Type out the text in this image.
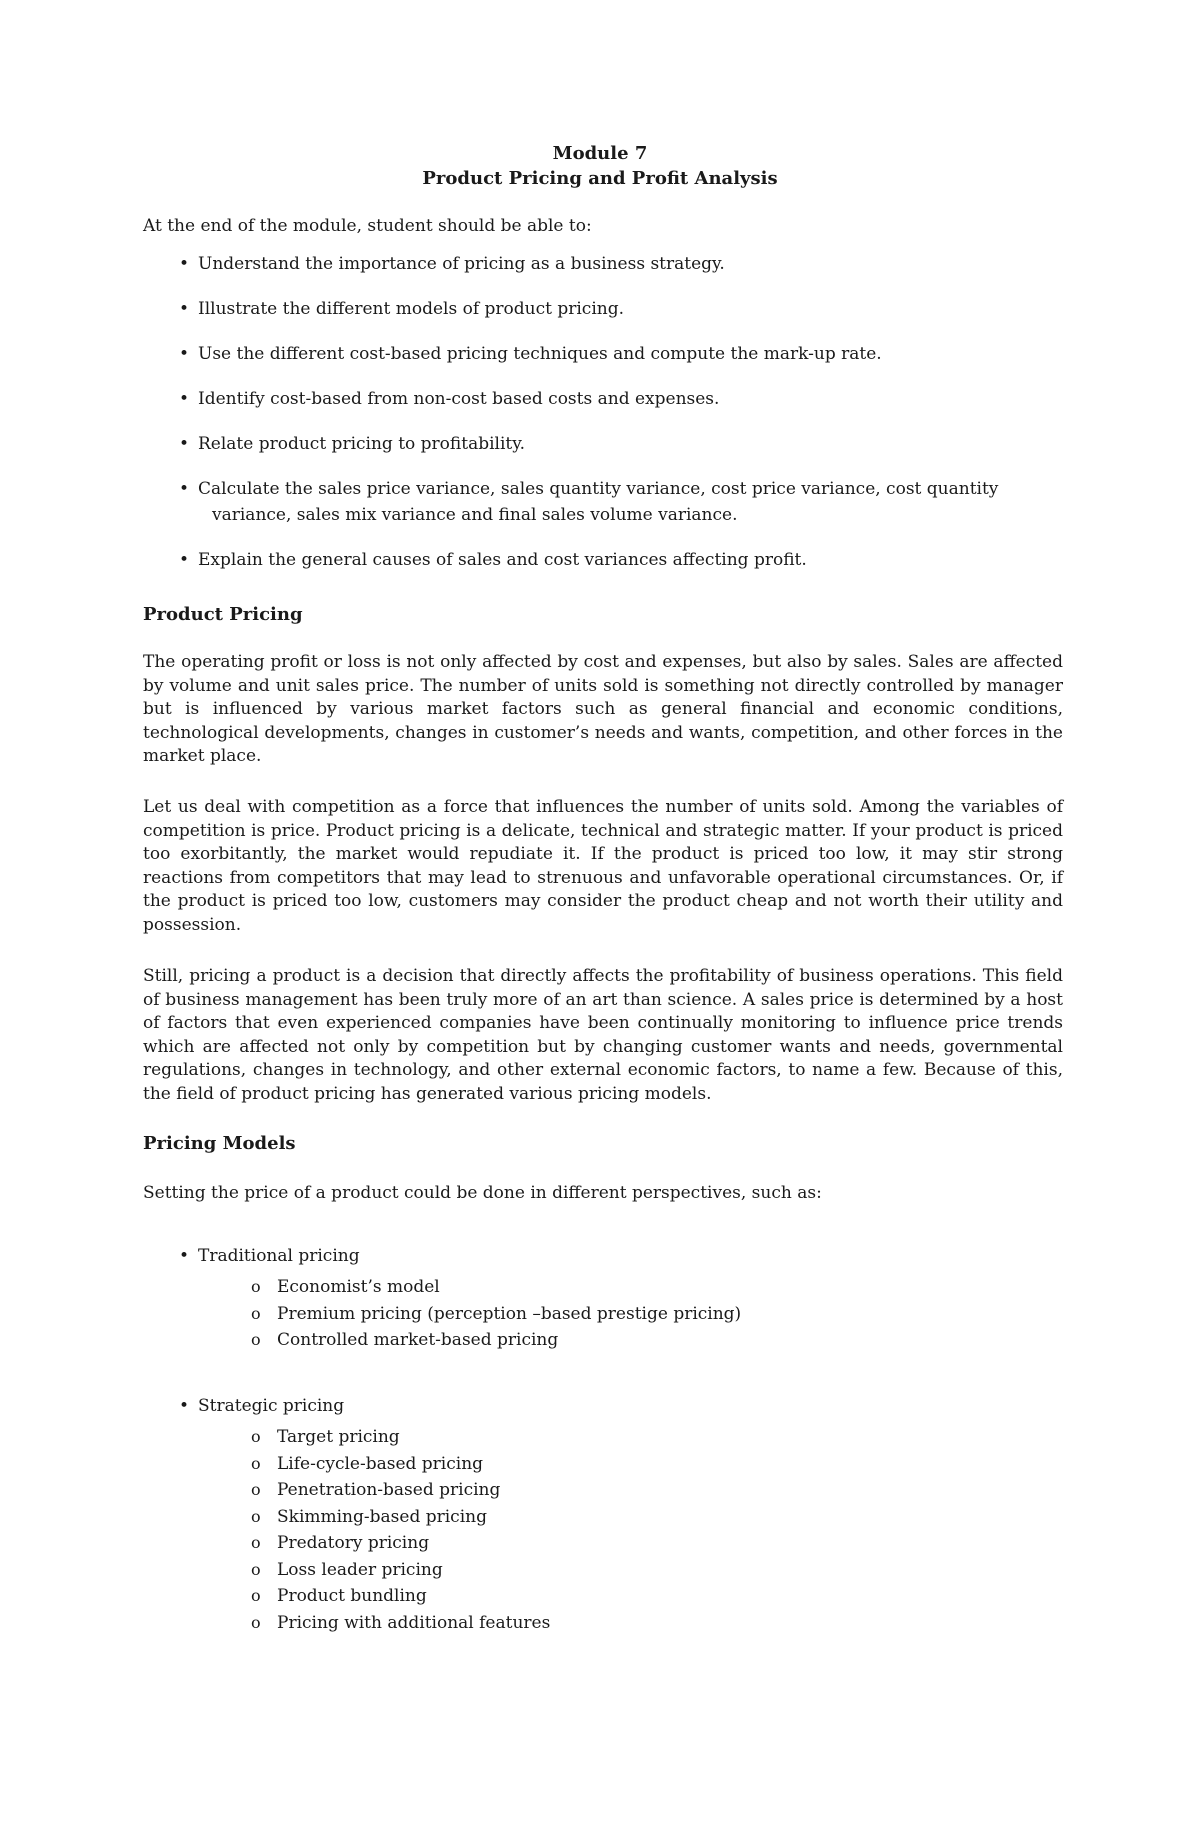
Module 7
Product Pricing and Profit Analysis
At the end of the module, student should be able to:
• Understand the importance of pricing as a business strategy.
• Illustrate the different models of product pricing.
• Use the different cost-based pricing techniques and compute the mark-up rate.
• Identify cost-based from non-cost based costs and expenses.
• Relate product pricing to profitability.
• Calculate the sales price variance, sales quantity variance, cost price variance, cost quantity
variance, sales mix variance and final sales volume variance.
• Explain the general causes of sales and cost variances affecting profit.
Product Pricing

The operating profit or loss is not only affected by cost and expenses, but also by sales. Sales are affected by volume and unit sales price. The number of units sold is something not directly controlled by manager but is influenced by various market factors such as general financial and economic conditions, technological developments, changes in customer’s needs and wants, competition, and other forces in the market place.

Let us deal with competition as a force that influences the number of units sold. Among the variables of competition is price. Product pricing is a delicate, technical and strategic matter. If your product is priced too exorbitantly, the market would repudiate it. If the product is priced too low, it may stir strong reactions from competitors that may lead to strenuous and unfavorable operational circumstances. Or, if the product is priced too low, customers may consider the product cheap and not worth their utility and possession.

Still, pricing a product is a decision that directly affects the profitability of business operations. This field of business management has been truly more of an art than science. A sales price is determined by a host of factors that even experienced companies have been continually monitoring to influence price trends which are affected not only by competition but by changing customer wants and needs, governmental regulations, changes in technology, and other external economic factors, to name a few. Because of this, the field of product pricing has generated various pricing models.

Pricing Models
Setting the price of a product could be done in different perspectives, such as:
• Traditional pricing
o Economist’s model
o Premium pricing (perception –based prestige pricing)
o Controlled market-based pricing
• Strategic pricing
o Target pricing
o Life-cycle-based pricing
o Penetration-based pricing
o Skimming-based pricing
o Predatory pricing
o Loss leader pricing
o Product bundling
o Pricing with additional features
